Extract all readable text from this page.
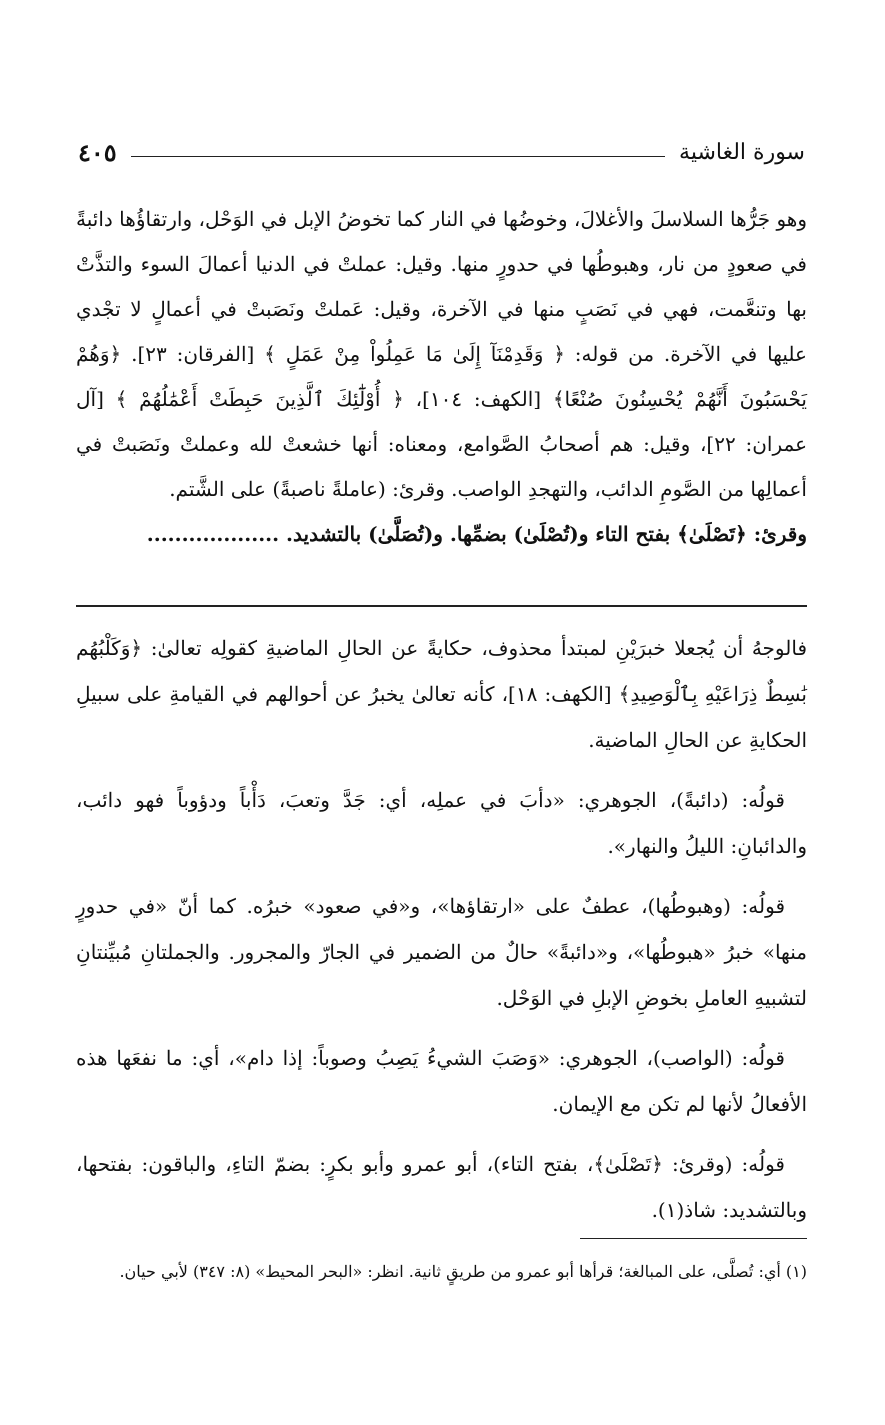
سورة الغاشية
٤٠٥

وهو جَرُّها السلاسلَ والأغلالَ، وخوضُها في النار كما تخوضُ الإبل في الوَحْل، وارتقاؤُها دائبةً في صعودٍ من نار، وهبوطُها في حدورٍ منها. وقيل: عملتْ في الدنيا أعمالَ السوء والتذَّتْ بها وتنعَّمت، فهي في نَصَبٍ منها في الآخرة، وقيل: عَملتْ ونَصَبتْ في أعمالٍ لا تجْدي عليها في الآخرة. من قوله: ﴿ وَقَدِمْنَآ إِلَىٰ مَا عَمِلُواْ مِنْ عَمَلٍ ﴾ [الفرقان: ٢٣]. ﴿وَهُمْ يَحْسَبُونَ أَنَّهُمْ يُحْسِنُونَ صُنْعًا﴾ [الكهف: ١٠٤]، ﴿ أُوْلَٰٓئِكَ ٱلَّذِينَ حَبِطَتْ أَعْمَٰلُهُمْ ﴾ [آل عمران: ٢٢]، وقيل: هم أصحابُ الصَّوامع، ومعناه: أنها خشعتْ لله وعملتْ ونَصَبتْ في أعمالِها من الصَّومِ الدائب، والتهجدِ الواصب. وقرئ: (عاملةً ناصبةً) على الشَّتم.

وقرئ: ﴿تَصْلَىٰ﴾ بفتح التاء و(تُصْلَىٰ) بضمِّها. و(تُصَلَّىٰ) بالتشديد. ...................

فالوجهُ أن يُجعلا خبرَيْنِ لمبتدأ محذوف، حكايةً عن الحالِ الماضيةِ كقولِه تعالىٰ: ﴿وَكَلْبُهُم بَٰسِطٌ ذِرَاعَيْهِ بِٱلْوَصِيدِ﴾ [الكهف: ١٨]، كأنه تعالىٰ يخبرُ عن أحوالهم في القيامةِ على سبيلِ الحكايةِ عن الحالِ الماضية.

قولُه: (دائبةً)، الجوهري: «دأبَ في عملِه، أي: جَدَّ وتعبَ، دَأْباً ودؤوباً فهو دائب، والدائبانِ: الليلُ والنهار».

قولُه: (وهبوطُها)، عطفٌ على «ارتقاؤها»، و«في صعود» خبرُه. كما أنّ «في حدورٍ منها» خبرُ «هبوطُها»، و«دائبةً» حالٌ من الضمير في الجارّ والمجرور. والجملتانِ مُبيِّنتانِ لتشبيهِ العاملِ بخوضِ الإبلِ في الوَحْل.

قولُه: (الواصب)، الجوهري: «وَصَبَ الشيءُ يَصِبُ وصوباً: إذا دام»، أي: ما نفعَها هذه الأفعالُ لأنها لم تكن مع الإيمان.

قولُه: (وقرئ: ﴿تَصْلَىٰ﴾، بفتح التاء)، أبو عمرو وأبو بكرٍ: بضمّ التاءِ، والباقون: بفتحها، وبالتشديد: شاذ(١).

(١) أي: تُصلَّى، على المبالغة؛ قرأها أبو عمرو من طريقٍ ثانية. انظر: «البحر المحيط» (٨: ٣٤٧) لأبي حيان.
